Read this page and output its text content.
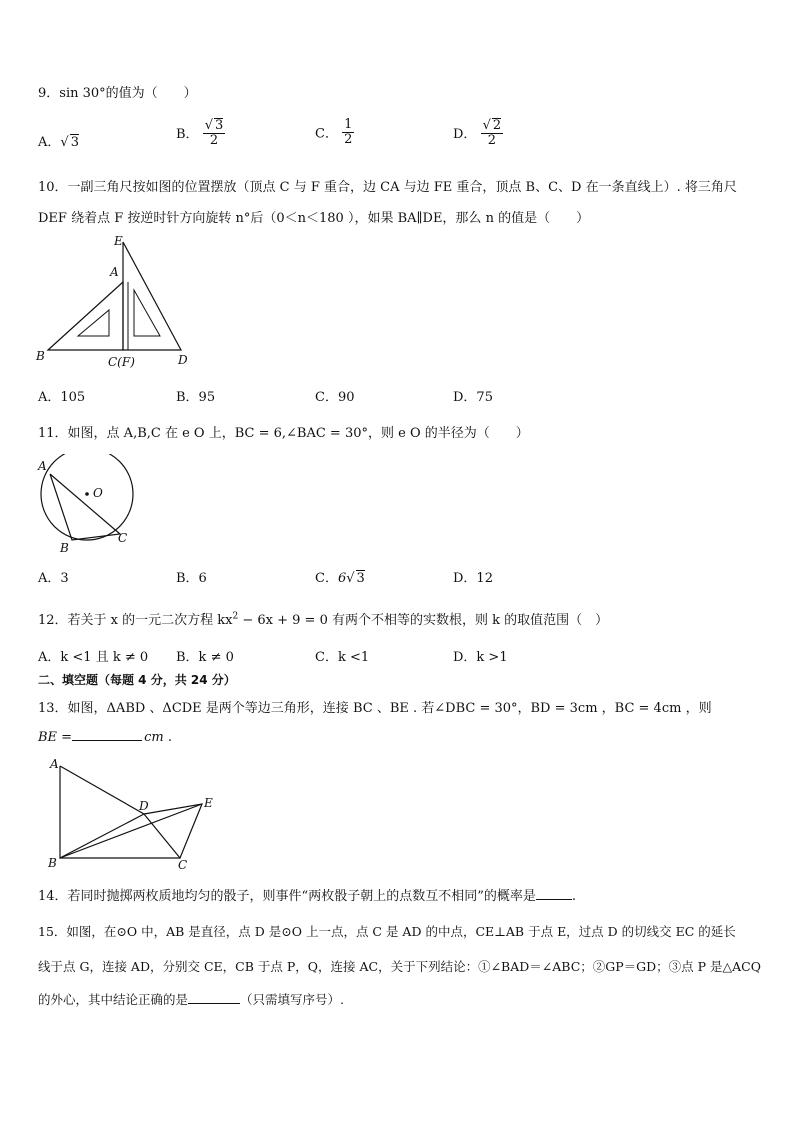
9．sin 30°的值为（　　）
A．√ 3
B． $\frac{√ 3}{2}$	C． $\frac{1}{2}$	D． $\frac{√ 2}{2}$
10．一副三角尺按如图的位置摆放（顶点 C 与 F 重合，边 CA 与边 FE 重合，顶点 B、C、D 在一条直线上）. 将三角尺
DEF 绕着点 F 按逆时针方向旋转 n°后（0＜n＜180 ），如果 BA∥DE，那么 n 的值是（　　）
E
A
B	C(F)	D
A．105	B．95	C．90	D．75
11．如图，点 A,B,C 在 e O 上，BC = 6,∠BAC = 30°，则 e O 的半径为（　　）
A
O
B
C
A．3	B．6	C．6√ 3	D．12
12．若关于 x 的一元二次方程 $kx^2 - 6x + 9 = 0$ 有两个不相等的实数根，则 k 的取值范围（　）
A．k <1 且 k ≠ 0 B．k ≠ 0	C．k <1	D．k >1
二、填空题（每题 4 分，共 24 分）
13．如图，ΔABD 、ΔCDE 是两个等边三角形，连接 BC 、BE . 若∠DBC = 30°，BD = 3cm ，BC = 4cm ，则
BE =	cm .
A
D	E
B	C
14．若同时抛掷两枚质地均匀的骰子，则事件“两枚骰子朝上的点数互不相同”的概率是	.
15．如图，在⊙O 中，AB 是直径，点 D 是⊙O 上一点，点 C 是 AD 的中点，CE⊥AB 于点 E，过点 D 的切线交 EC 的延长
线于点 G，连接 AD，分别交 CE，CB 于点 P，Q，连接 AC，关于下列结论：①∠BAD＝∠ABC；②GP＝GD；③点 P 是△ACQ
的外心，其中结论正确的是	（只需填写序号）.
